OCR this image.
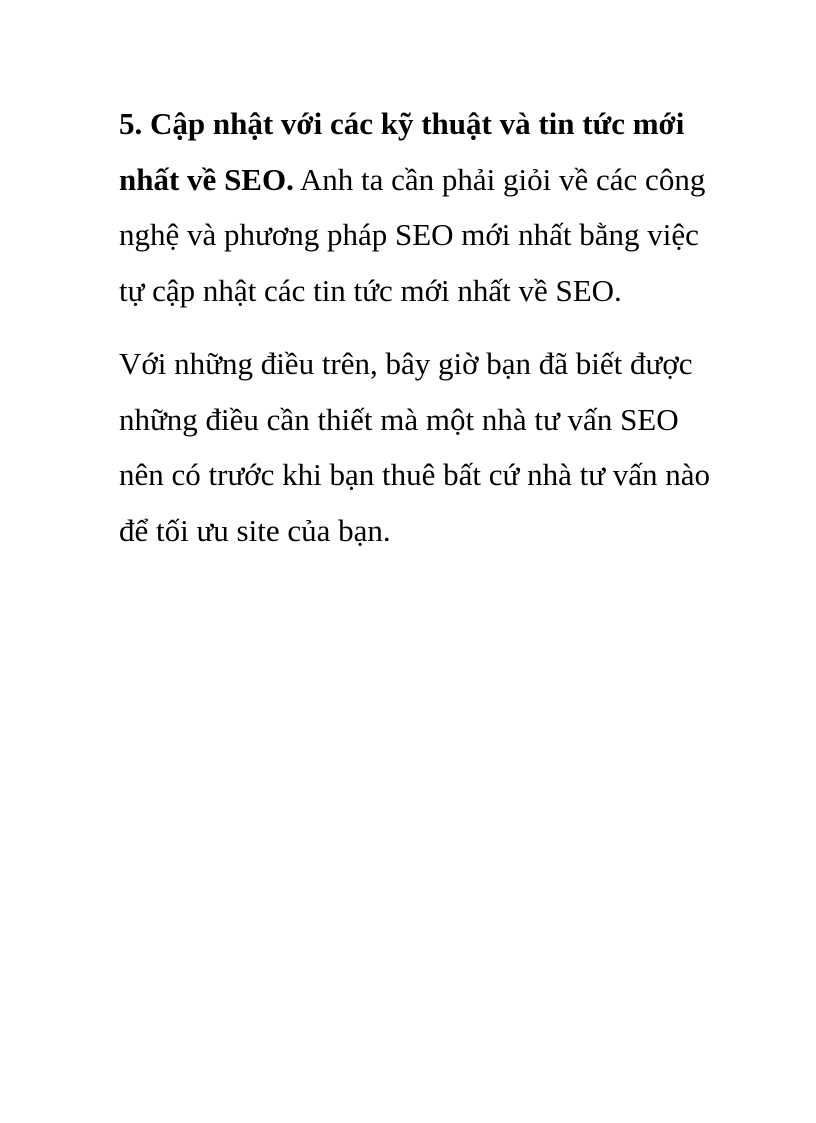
5. Cập nhật với các kỹ thuật và tin tức mới
nhất về SEO. Anh ta cần phải giỏi về các công
nghệ và phương pháp SEO mới nhất bằng việc
tự cập nhật các tin tức mới nhất về SEO.

Với những điều trên, bây giờ bạn đã biết được
những điều cần thiết mà một nhà tư vấn SEO
nên có trước khi bạn thuê bất cứ nhà tư vấn nào
để tối ưu site của bạn.
